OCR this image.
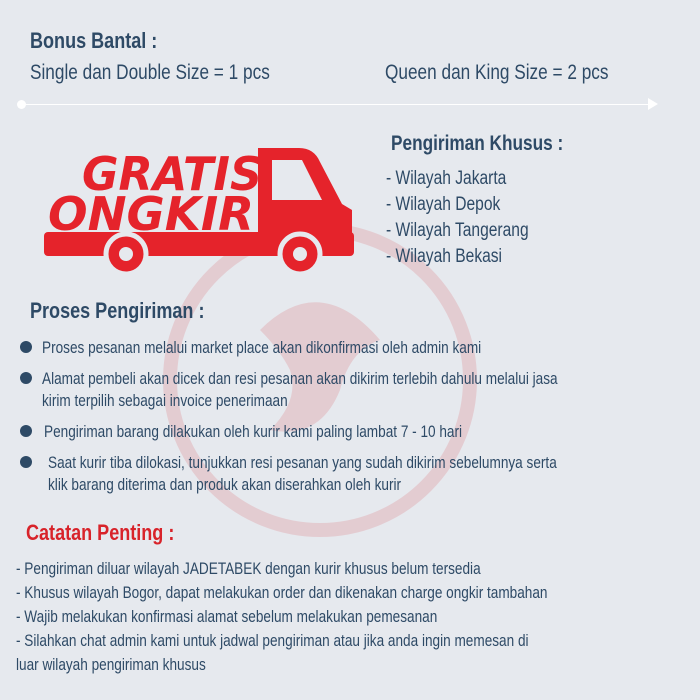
Bonus Bantal :
Single dan Double Size = 1 pcs	Queen dan King Size = 2 pcs
GRATIS
ONGKIR
Pengiriman Khusus :
- Wilayah Jakarta
- Wilayah Depok
- Wilayah Tangerang
- Wilayah Bekasi
Proses Pengiriman :
Proses pesanan melalui market place akan dikonfirmasi oleh admin kami
Alamat pembeli akan dicek dan resi pesanan akan dikirim terlebih dahulu melalui jasa
kirim terpilih sebagai invoice penerimaan
Pengiriman barang dilakukan oleh kurir kami paling lambat 7 - 10 hari
Saat kurir tiba dilokasi, tunjukkan resi pesanan yang sudah dikirim sebelumnya serta
klik barang diterima dan produk akan diserahkan oleh kurir
Catatan Penting :
- Pengiriman diluar wilayah JADETABEK dengan kurir khusus belum tersedia
- Khusus wilayah Bogor, dapat melakukan order dan dikenakan charge ongkir tambahan
- Wajib melakukan konfirmasi alamat sebelum melakukan pemesanan
- Silahkan chat admin kami untuk jadwal pengiriman atau jika anda ingin memesan di
luar wilayah pengiriman khusus
